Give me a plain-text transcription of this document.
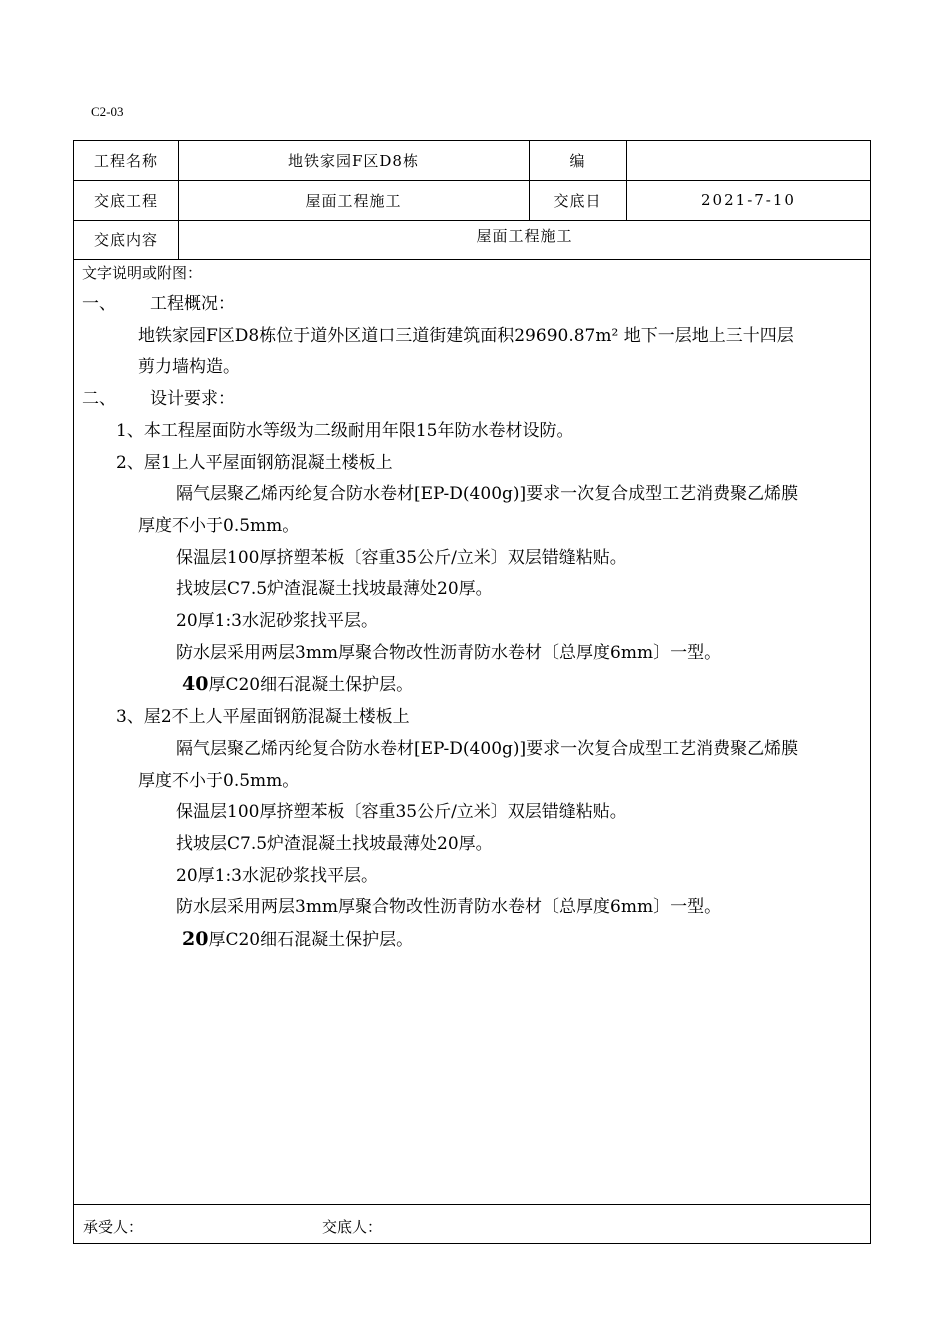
C2-03
工程名称	地铁家园F区D8栋	编
交底工程	屋面工程施工	交底日	2021-7-10
交底内容	屋面工程施工

文字说明或附图：

一、 工程概况：

地铁家园F区D8栋位于道外区道口三道街建筑面积29690.87m² 地下一层地上三十四层

剪力墙构造。

二、 设计要求：

1、本工程屋面防水等级为二级耐用年限15年防水卷材设防。

2、屋1上人平屋面钢筋混凝土楼板上

隔气层聚乙烯丙纶复合防水卷材[EP-D(400g)]要求一次复合成型工艺消费聚乙烯膜

厚度不小于0.5mm。

保温层100厚挤塑苯板〔容重35公斤/立米〕双层错缝粘贴。

找坡层C7.5炉渣混凝土找坡最薄处20厚。

20厚1:3水泥砂浆找平层。

防水层采用两层3mm厚聚合物改性沥青防水卷材〔总厚度6mm〕一型。

40厚C20细石混凝土保护层。

3、屋2不上人平屋面钢筋混凝土楼板上

隔气层聚乙烯丙纶复合防水卷材[EP-D(400g)]要求一次复合成型工艺消费聚乙烯膜

厚度不小于0.5mm。

保温层100厚挤塑苯板〔容重35公斤/立米〕双层错缝粘贴。

找坡层C7.5炉渣混凝土找坡最薄处20厚。

20厚1:3水泥砂浆找平层。

防水层采用两层3mm厚聚合物改性沥青防水卷材〔总厚度6mm〕一型。

20厚C20细石混凝土保护层。

承受人：	交底人：
